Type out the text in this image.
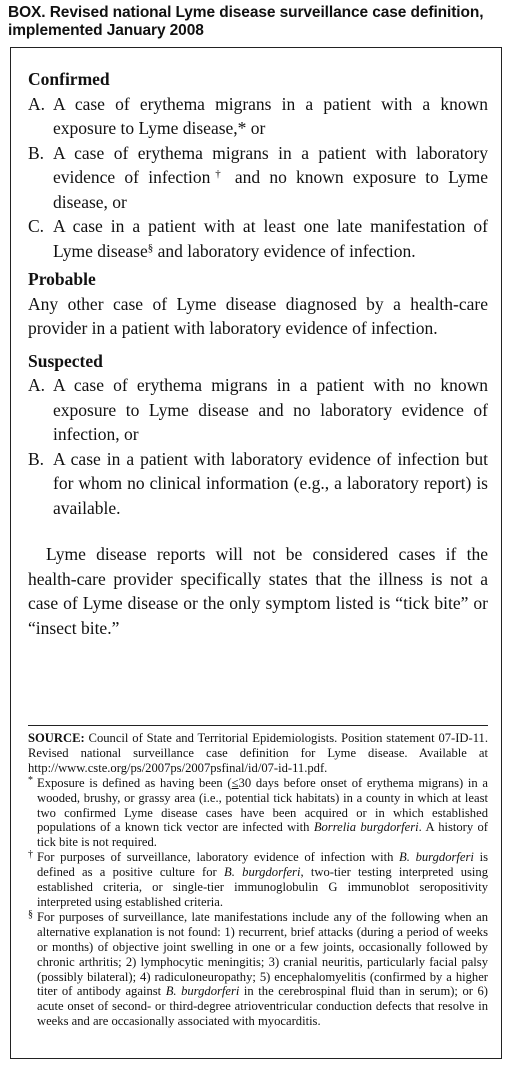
BOX. Revised national Lyme disease surveillance case definition, implemented January 2008

Confirmed

A. A case of erythema migrans in a patient with a known exposure to Lyme disease,* or

B. A case of erythema migrans in a patient with laboratory evidence of infection† and no known exposure to Lyme disease, or

C. A case in a patient with at least one late manifestation of Lyme disease§ and laboratory evidence of infection.

Probable

Any other case of Lyme disease diagnosed by a health-care provider in a patient with laboratory evidence of infection.

Suspected

A. A case of erythema migrans in a patient with no known exposure to Lyme disease and no laboratory evidence of infection, or

B. A case in a patient with laboratory evidence of infection but for whom no clinical information (e.g., a laboratory report) is available.

Lyme disease reports will not be considered cases if the health-care provider specifically states that the illness is not a case of Lyme disease or the only symptom listed is “tick bite” or “insect bite.”

SOURCE: Council of State and Territorial Epidemiologists. Position statement 07-ID-11. Revised national surveillance case definition for Lyme disease. Available at http://www.cste.org/ps/2007ps/2007psfinal/id/07-id-11.pdf.

* Exposure is defined as having been (≤30 days before onset of erythema migrans) in a wooded, brushy, or grassy area (i.e., potential tick habitats) in a county in which at least two confirmed Lyme disease cases have been acquired or in which established populations of a known tick vector are infected with Borrelia burgdorferi. A history of tick bite is not required.

† For purposes of surveillance, laboratory evidence of infection with B. burgdorferi is defined as a positive culture for B. burgdorferi, two-tier testing interpreted using established criteria, or single-tier immunoglobulin G immunoblot seropositivity interpreted using established criteria.

§ For purposes of surveillance, late manifestations include any of the following when an alternative explanation is not found: 1) recurrent, brief attacks (during a period of weeks or months) of objective joint swelling in one or a few joints, occasionally followed by chronic arthritis; 2) lymphocytic meningitis; 3) cranial neuritis, particularly facial palsy (possibly bilateral); 4) radiculoneuropathy; 5) encephalomyelitis (confirmed by a higher titer of antibody against B. burgdorferi in the cerebrospinal fluid than in serum); or 6) acute onset of second- or third-degree atrioventricular conduction defects that resolve in weeks and are occasionally associated with myocarditis.
